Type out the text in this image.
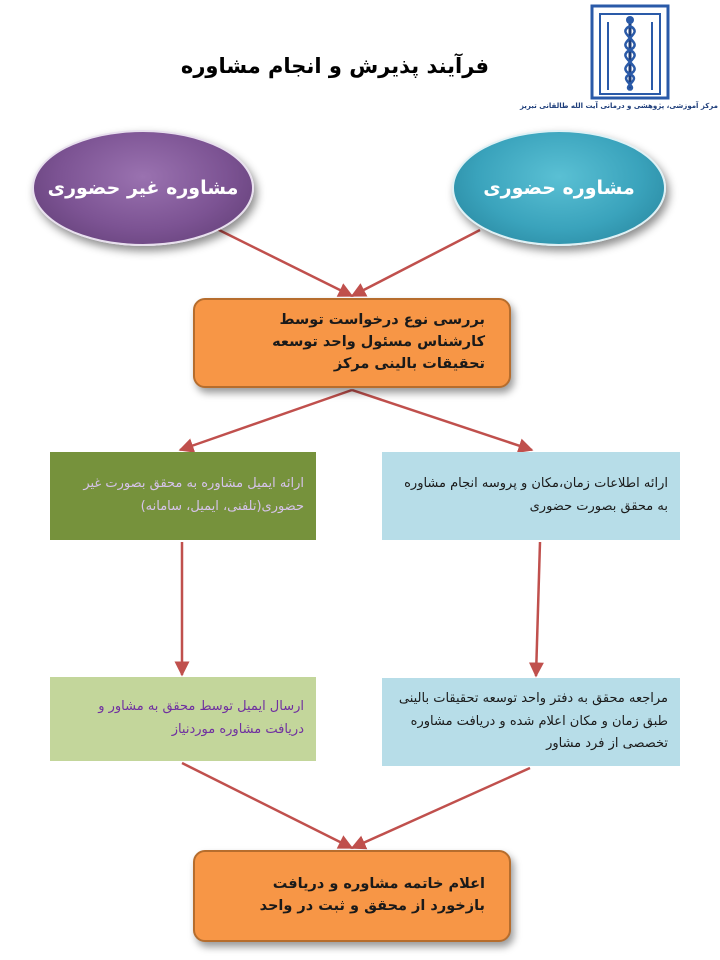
فرآیند پذیرش و انجام مشاوره
مرکز آموزشی، پژوهشی و درمانی آیت الله طالقانی تبریز
مشاوره غیر حضوری	مشاوره حضوری
بررسی نوع درخواست توسط کارشناس مسئول واحد توسعه تحقیقات بالینی مرکز
ارائه ایمیل مشاوره به محقق بصورت غیر حضوری(تلفنی، ایمیل، سامانه)
ارائه اطلاعات زمان،مکان و پروسه انجام مشاوره به محقق بصورت حضوری
ارسال ایمیل توسط محقق به مشاور و دریافت مشاوره موردنیاز
مراجعه محقق به دفتر واحد توسعه تحقیقات بالینی طبق زمان و مکان اعلام شده و دریافت مشاوره تخصصی از فرد مشاور
اعلام خاتمه مشاوره و دریافت بازخورد از محقق و ثبت در واحد
